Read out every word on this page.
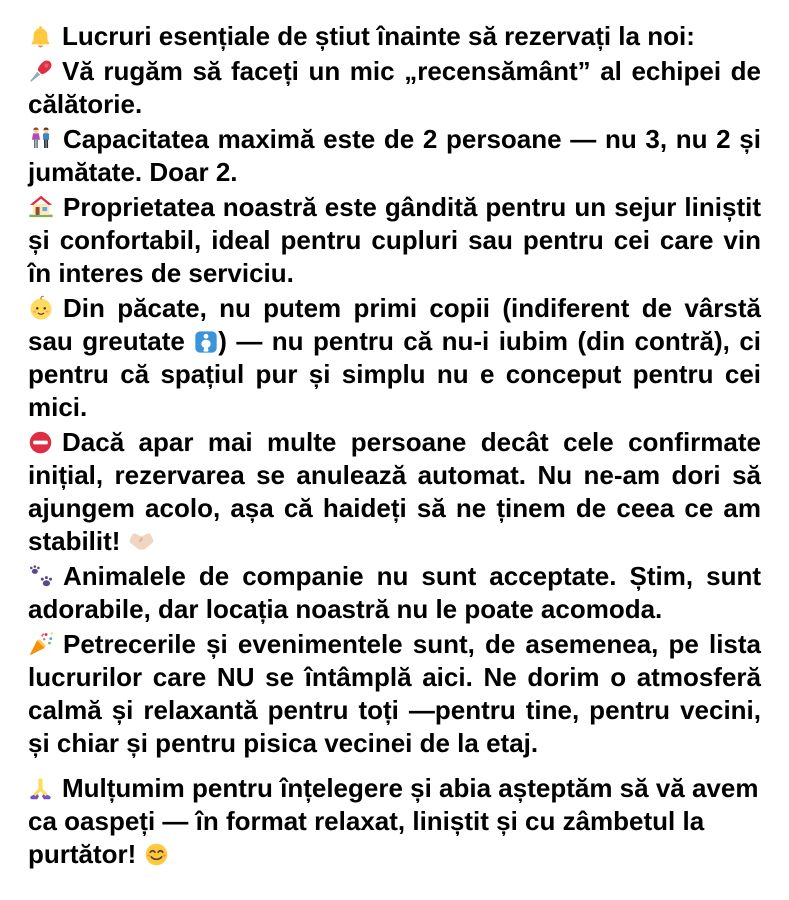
Lucruri esențiale de știut înainte să rezervați la noi:

Vă rugăm să faceți un mic „recensământ” al echipei de călătorie.

Capacitatea maximă este de 2 persoane — nu 3, nu 2 și jumătate. Doar 2.

Proprietatea noastră este gândită pentru un sejur liniștit și confortabil, ideal pentru cupluri sau pentru cei care vin în interes de serviciu.

Din păcate, nu putem primi copii (indiferent de vârstă sau greutate ) — nu pentru că nu-i iubim (din contră), ci pentru că spațiul pur și simplu nu e conceput pentru cei mici.

Dacă apar mai multe persoane decât cele confirmate inițial, rezervarea se anulează automat. Nu ne-am dori să ajungem acolo, așa că haideți să ne ținem de ceea ce am stabilit!

Animalele de companie nu sunt acceptate. Știm, sunt adorabile, dar locația noastră nu le poate acomoda.

Petrecerile și evenimentele sunt, de asemenea, pe lista lucrurilor care NU se întâmplă aici. Ne dorim o atmosferă calmă și relaxantă pentru toți —pentru tine, pentru vecini, și chiar și pentru pisica vecinei de la etaj.

Mulțumim pentru înțelegere și abia așteptăm să vă avem ca oaspeți — în format relaxat, liniștit și cu zâmbetul la purtător!
